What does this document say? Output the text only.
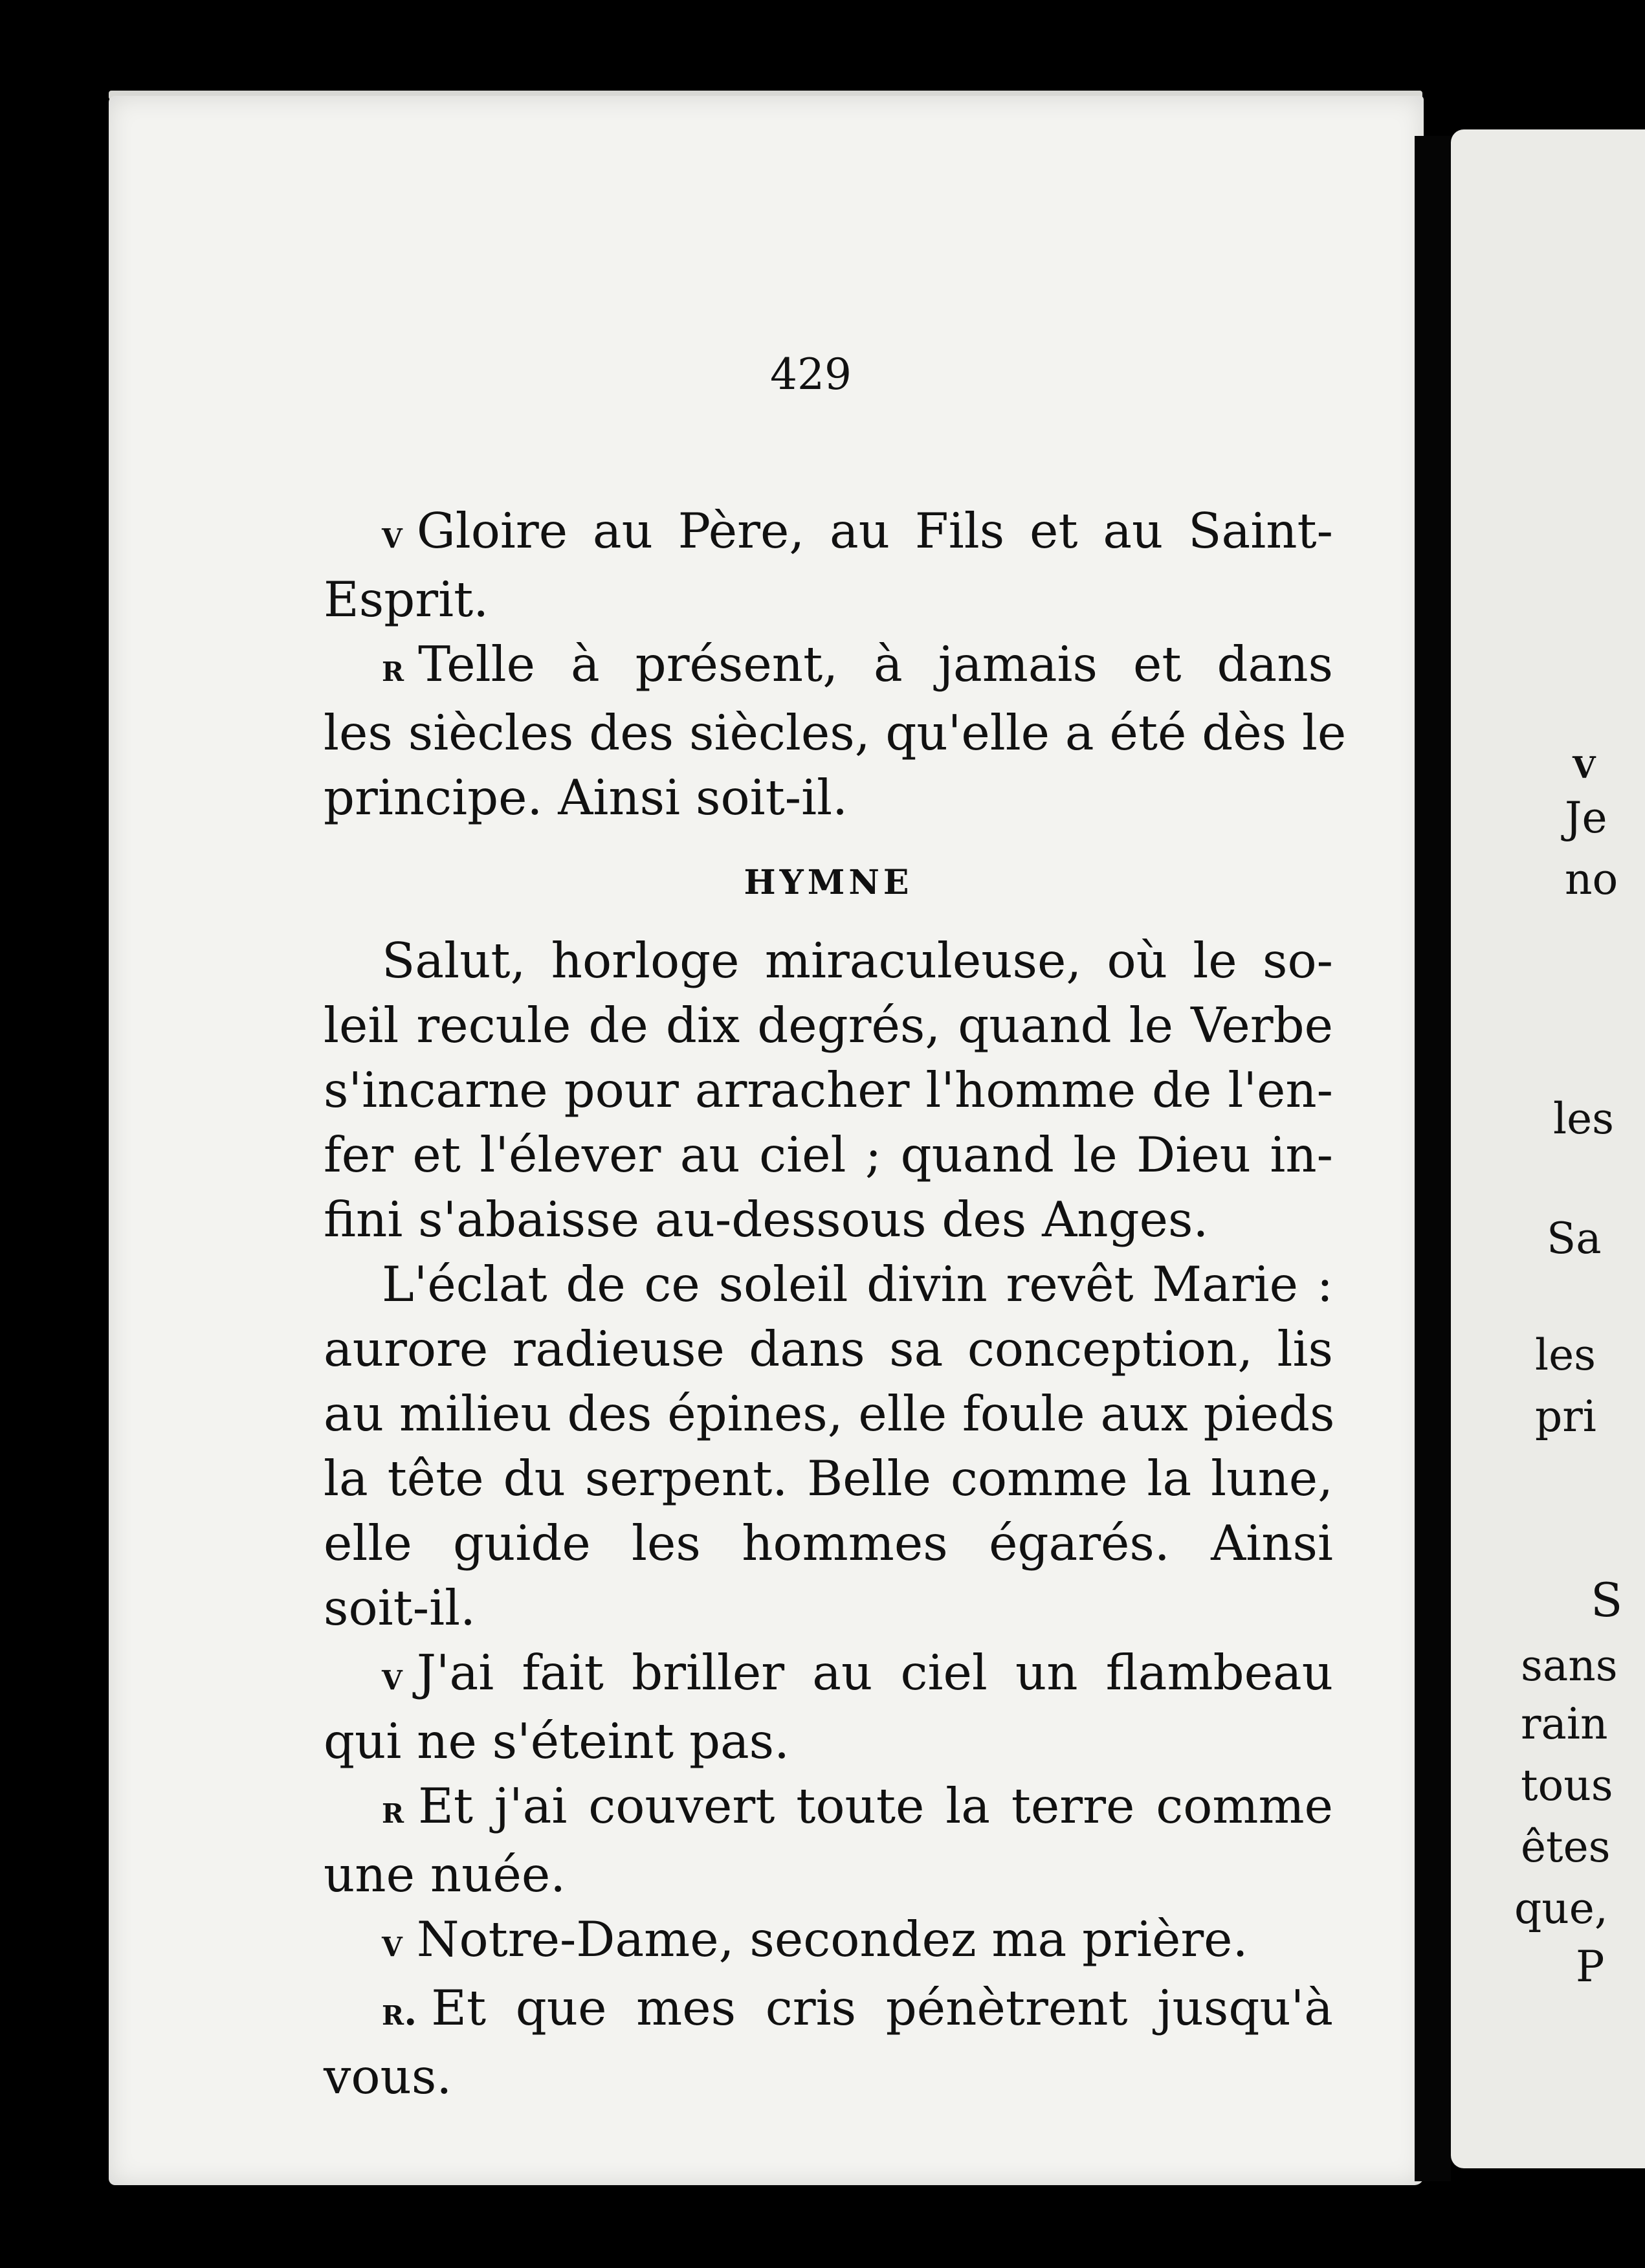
429

v Gloire au Père, au Fils et au Saint-
Esprit.

r Telle à présent, à jamais et dans
les siècles des siècles, qu'elle a été dès le
principe. Ainsi soit-il.

HYMNE

Salut, horloge miraculeuse, où le so-
leil recule de dix degrés, quand le Verbe
s'incarne pour arracher l'homme de l'en-
fer et l'élever au ciel ; quand le Dieu in-
fini s'abaisse au-dessous des Anges.

L'éclat de ce soleil divin revêt Marie :
aurore radieuse dans sa conception, lis
au milieu des épines, elle foule aux pieds
la tête du serpent. Belle comme la lune,
elle guide les hommes égarés. Ainsi
soit-il.

v J'ai fait briller au ciel un flambeau
qui ne s'éteint pas.

r Et j'ai couvert toute la terre comme
une nuée.

v Notre-Dame, secondez ma prière.

r. Et que mes cris pénètrent jusqu'à
vous.

v
Je
no
les
Sa
les
pri
S
sans
rain
tous
êtes
que,
P
